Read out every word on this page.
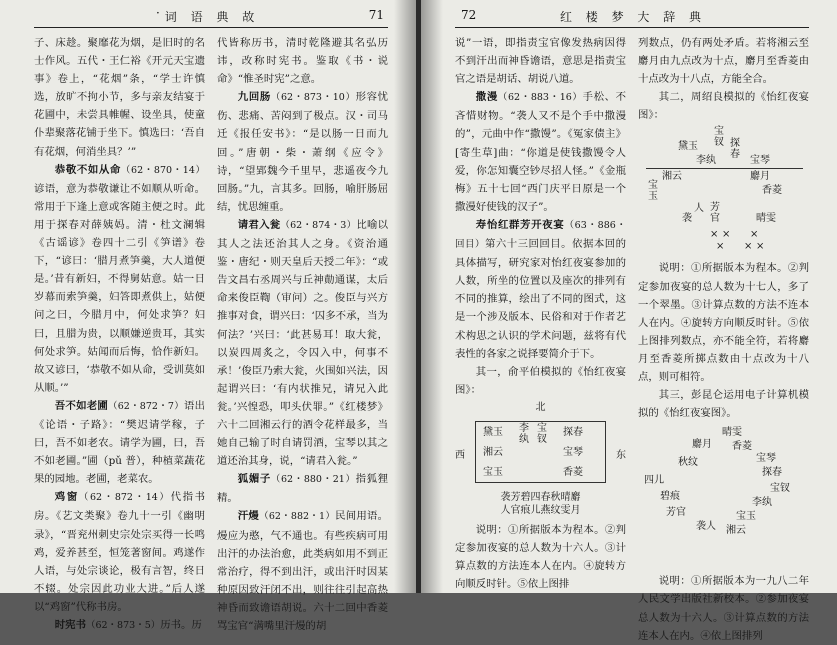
· 词 语 典 故	71

子、床趁。聚靡花为烟，是旧时的名士作风。五代・王仁裕《开元天宝遗事》卷上，“花烟”条，“学士许慎选，放旷不拘小节，多与亲友结宴于花圃中，未尝具帷幄、设坐具，使童仆辈聚落花铺于坐下。慎选曰：‘吾自有花烟，何消坐具？’”

恭敬不如从命（62・870・14）谚语，意为恭敬谦让不如顺从听命。常用于下逢上意或客随主便之时。此用于探春对薛姨妈。清・杜文澜辑《古谣谚》卷四十二引《笋谱》卷下，“谚曰：‘腊月煮笋羹，大人道便是。’昔有新妇，不得舅姑意。姑一日岁幕而索笋羹，妇答即煮供上，姑便问之曰，今腊月中，何处求笋？妇曰，且腊为贵，以顺嫌逆贵耳，其实何处求笋。姑闻而后悔，恰作新妇。故又谚曰，‘恭敬不如从命，受训莫如从顺。’”

吾不如老圃（62・872・7）语出《论语・子路》：“樊迟请学稼，子曰，吾不如老农。请学为圃，曰，吾不如老圃。”圃（pǔ 普），种植菜蔬花果的园地。老圃，老菜农。

鸡窗（62・872・14）代指书房。《艺文类聚》卷九十一引《幽明录》，“晋兖州刺史宗处宗买得一长鸣鸡，爱养甚至，恒笼著窗间。鸡遂作人语，与处宗谈论，极有言智，终日不辍。处宗因此功业大进。”后人遂以“鸡窗”代称书房。

时宪书（62・873・5）历书。历

代皆称历书，清时乾隆避其名弘历讳，改称时宪书。鉴取《书・说命》“惟圣时宪”之意。

九回肠（62・873・10）形容忧伤、悲痛、苦闷到了极点。汉・司马迁《报任安书》：“是以肠一日而九回。”唐朝・柴・萧纲《应令》诗，“望郢魏今千里早，悲遥夜今九回肠。”九，言其多。回肠，喻肝肠屈结，忧思缠重。

请君入瓮（62・874・3）比喻以其人之法还治其人之身。《资治通鉴・唐纪・则天皇后天授二年》：“或告文昌右丞周兴与丘神勣通谋，太后命来俊臣鞫（审问）之。俊臣与兴方推事对食，谓兴曰：‘囚多不承，当为何法？’兴曰：‘此甚易耳！取大瓮，以炭四周炙之，令囚入中，何事不承！’俊臣乃索大瓮，火围如兴法，因起谓兴曰：‘有内状推兄，请兄入此瓮。’兴惶恐，叩头伏罪。”《红楼梦》六十二回湘云行的酒令花样最多，当她自己输了时自请罚酒，宝琴以其之道还治其身，说，“请君入瓮。”

狐媚子（62・880・21）指狐狸精。

汗熳（62・882・1）民间用语。熳应为憨，气不通也。有些疾病可用出汗的办法治愈，此类病如用不到正常治疗，得不到出汗，或出汗时因某种原因致汗闭不出，则往往引起高热神昏而致谵语胡说。六十二回中香菱骂宝官“满嘴里汗熳的胡

72	红 楼 梦 大 辞 典

说”一语，即指责宝官像发热病因得不到汗出而神昏谵语，意思是指责宝官之语是胡话、胡说八道。

撒漫（62・883・16）手松、不吝惜财物。“袭人又不是个手中撒漫的”，元曲中作“撒馒”。《冤家债主》[寄生草]曲：“你道是使钱撒馒令人爱，你怎知囊空钞尽招人怪。”《金瓶梅》五十七回“西门庆平日原是一个撒漫好使钱的汉子”。

寿怡红群芳开夜宴（63・886・回目）第六十三回回目。依据本回的具体描写，研究家对怡红夜宴参加的人数，所坐的位置以及座次的排列有不同的推算，绘出了不同的图式，这是一个涉及版本、民俗和对于作者艺术构思之认识的学术问题，兹将有代表性的各家之说择要简介于下。

其一，俞平伯模拟的《怡红夜宴图》：

北
西	东
黛玉 李
纨
宝
钗
探春
湘云	宝琴
宝玉	香菱
袭芳碧四春秋晴麝
人官痕儿燕纹雯月

说明：①所据版本为程本。②判定参加夜宴的总人数为十六人。③计算点数的方法连本人在内。④旋转方向顺反时针。⑤依上图排

列数点，仍有两处矛盾。若将湘云至麝月由九点改为十点，麝月至香菱由十点改为十八点，方能全合。

其二，周绍良模拟的《怡红夜宴图》：

宝
钗
黛玉	探
春
李纨	宝琴
湘云	麝月
宝
玉
香菱
人 芳
官	晴雯
袭
× × ×
× × ×

说明：①所据版本为程本。②判定参加夜宴的总人数为十七人，多了一个翠墨。③计算点数的方法不连本人在内。④旋转方向顺反时针。⑤依上图排列数点，亦不能全符，若将麝月至香菱所掷点数由十点改为十八点，则可相符。

其三，彭昆仑运用电子计算机模拟的《怡红夜宴图》。

晴雯
麝月 香菱
宝琴
秋纹
探春
四儿
宝钗
碧痕
李纨
芳官
袭人 湘云
宝玉

说明：①所据版本为一九八二年人民文学出版社新校本。②参加夜宴总人数为十六人。③计算点数的方法连本人在内。④依上图排列
